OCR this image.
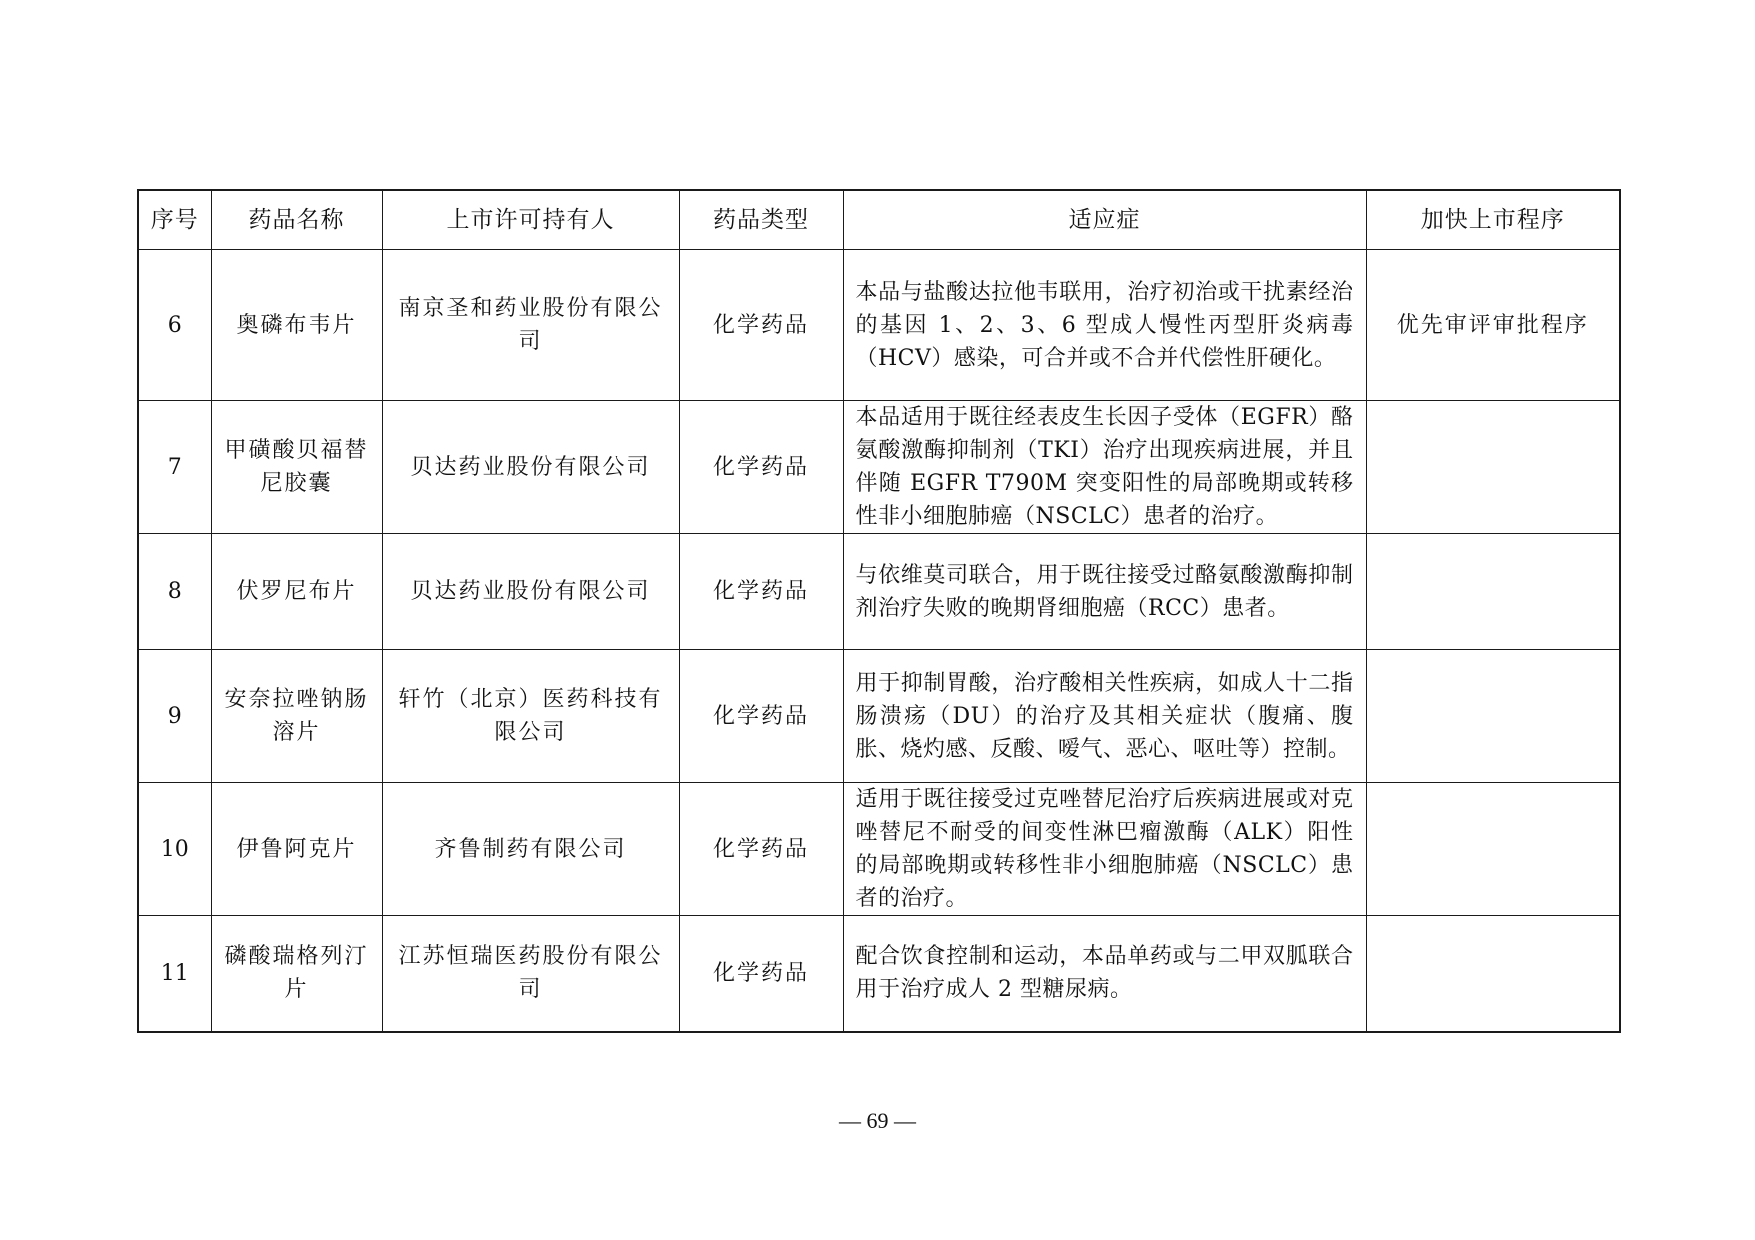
序号	药品名称	上市许可持有人	药品类型	适应症	加快上市程序
6	奥磷布韦片	南京圣和药业股份有限公司	化学药品	本品与盐酸达拉他韦联用，治疗初治或干扰素经治的基因 1、2、3、6 型成人慢性丙型肝炎病毒（HCV）感染，可合并或不合并代偿性肝硬化。	优先审评审批程序
7	甲磺酸贝福替尼胶囊	贝达药业股份有限公司	化学药品	本品适用于既往经表皮生长因子受体（EGFR）酪氨酸激酶抑制剂（TKI）治疗出现疾病进展，并且伴随 EGFR T790M 突变阳性的局部晚期或转移性非小细胞肺癌（NSCLC）患者的治疗。	
8	伏罗尼布片	贝达药业股份有限公司	化学药品	与依维莫司联合，用于既往接受过酪氨酸激酶抑制剂治疗失败的晚期肾细胞癌（RCC）患者。	
9	安奈拉唑钠肠溶片	轩竹（北京）医药科技有限公司	化学药品	用于抑制胃酸，治疗酸相关性疾病，如成人十二指肠溃疡（DU）的治疗及其相关症状（腹痛、腹胀、烧灼感、反酸、嗳气、恶心、呕吐等）控制。	
10	伊鲁阿克片	齐鲁制药有限公司	化学药品	适用于既往接受过克唑替尼治疗后疾病进展或对克唑替尼不耐受的间变性淋巴瘤激酶（ALK）阳性的局部晚期或转移性非小细胞肺癌（NSCLC）患者的治疗。	
11	磷酸瑞格列汀片	江苏恒瑞医药股份有限公司	化学药品	配合饮食控制和运动，本品单药或与二甲双胍联合用于治疗成人 2 型糖尿病。	
— 69 —
